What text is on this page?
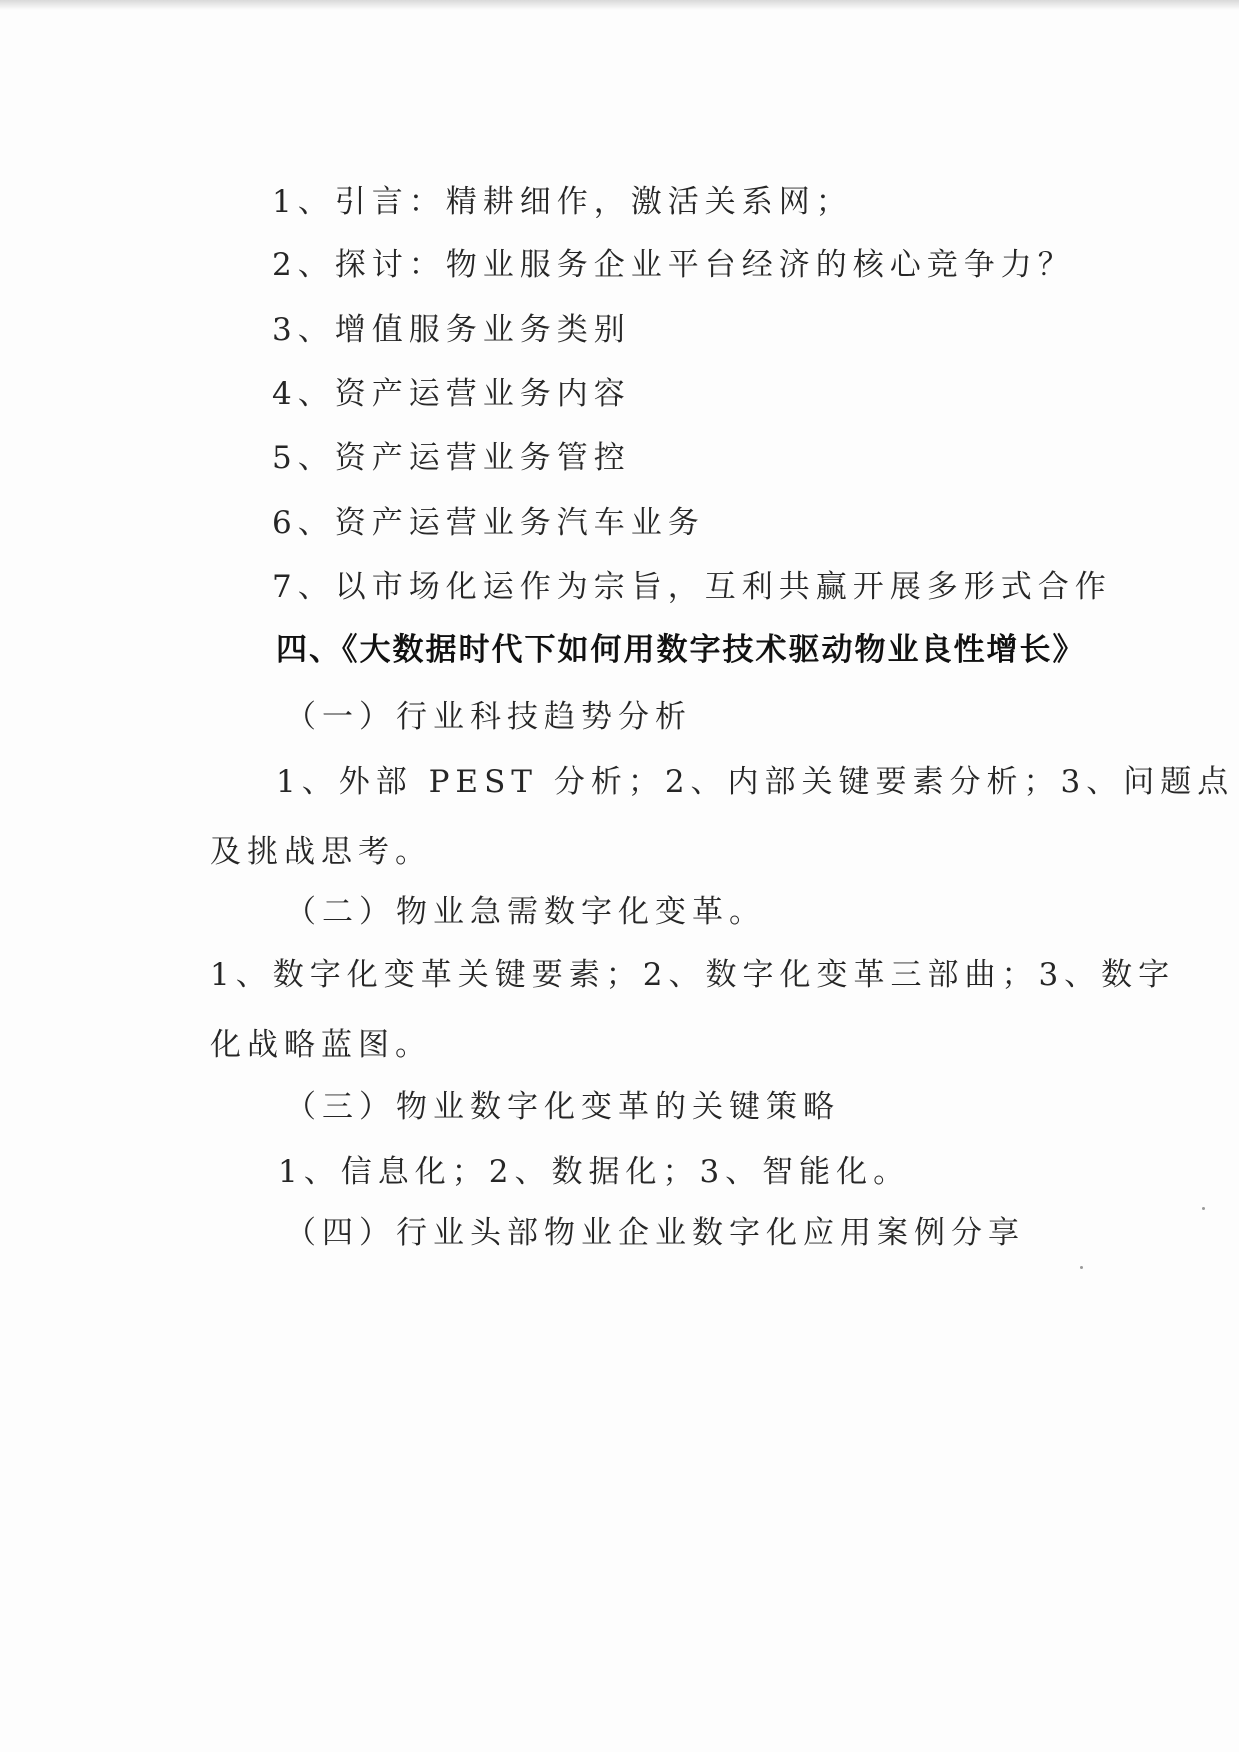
1、引言：精耕细作，激活关系网；
2、探讨：物业服务企业平台经济的核心竞争力？
3、增值服务业务类别
4、资产运营业务内容
5、资产运营业务管控
6、资产运营业务汽车业务
7、以市场化运作为宗旨，互利共赢开展多形式合作
四、《大数据时代下如何用数字技术驱动物业良性增长》
（一）行业科技趋势分析
1、外部 PEST 分析；2、内部关键要素分析；3、问题点
及挑战思考。
（二）物业急需数字化变革。
1、数字化变革关键要素；2、数字化变革三部曲；3、数字
化战略蓝图。
（三）物业数字化变革的关键策略
1、信息化；2、数据化；3、智能化。
（四）行业头部物业企业数字化应用案例分享
